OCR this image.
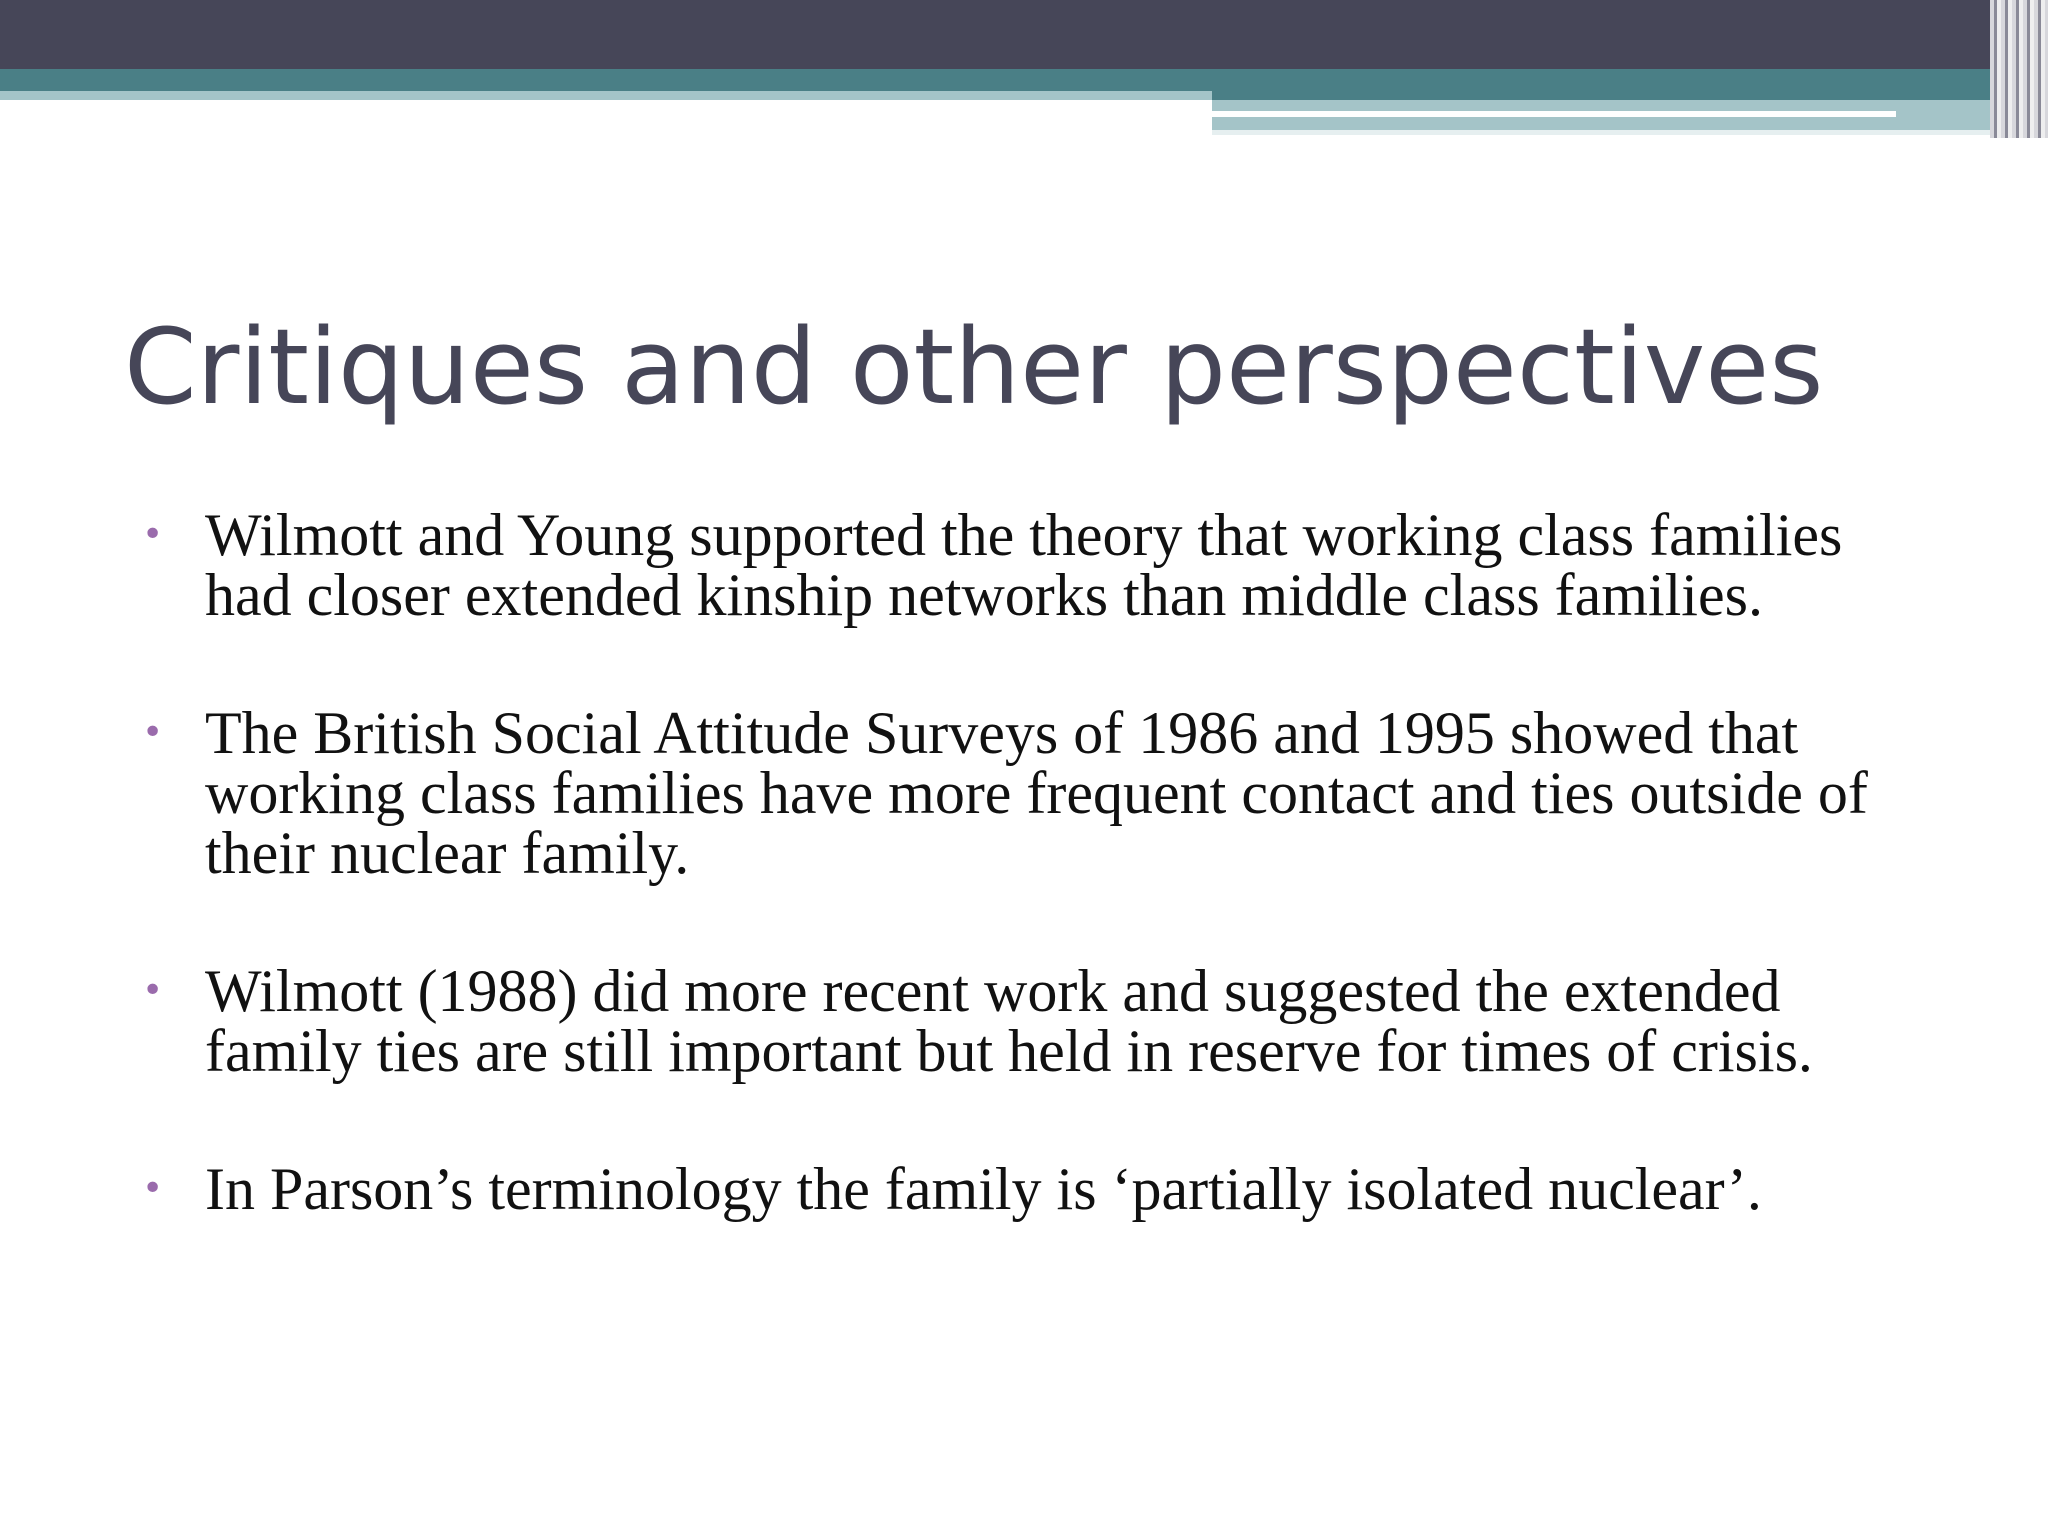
Critiques and other perspectives
• Wilmott and Young supported the theory that working class families had closer extended kinship networks than middle class families.
• The British Social Attitude Surveys of 1986 and 1995 showed that working class families have more frequent contact and ties outside of their nuclear family.
• Wilmott (1988) did more recent work and suggested the extended family ties are still important but held in reserve for times of crisis.
• In Parson’s terminology the family is ‘partially isolated nuclear’.
